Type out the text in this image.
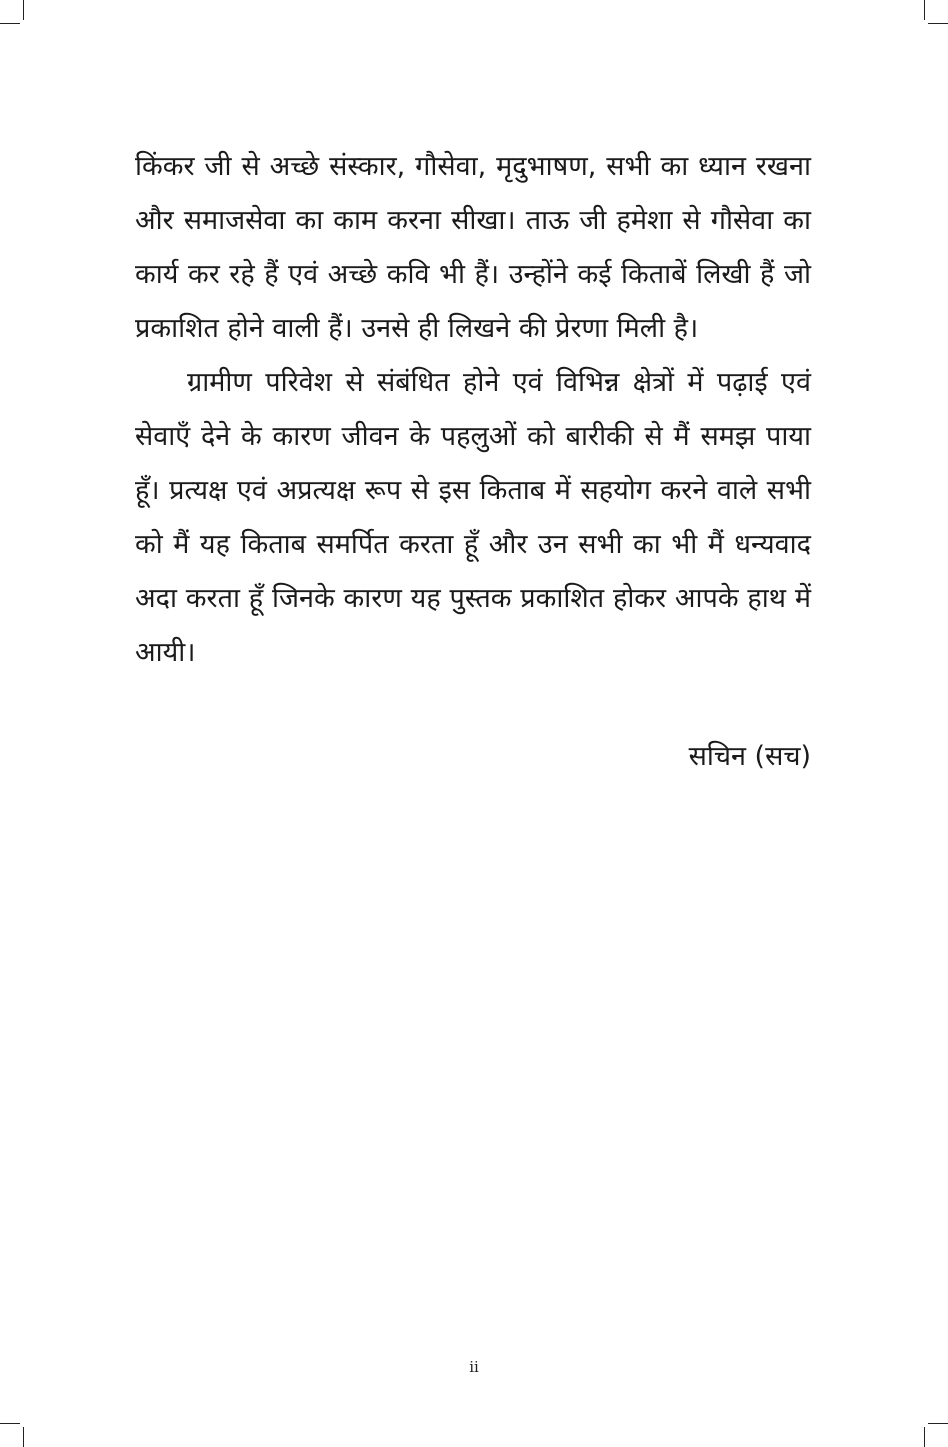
किंकर जी से अच्छे संस्कार, गौसेवा, मृदुभाषण, सभी का ध्यान रखना और समाजसेवा का काम करना सीखा। ताऊ जी हमेशा से गौसेवा का कार्य कर रहे हैं एवं अच्छे कवि भी हैं। उन्होंने कई किताबें लिखी हैं जो प्रकाशित होने वाली हैं। उनसे ही लिखने की प्रेरणा मिली है।

ग्रामीण परिवेश से संबंधित होने एवं विभिन्न क्षेत्रों में पढ़ाई एवं सेवाएँ देने के कारण जीवन के पहलुओं को बारीकी से मैं समझ पाया हूँ। प्रत्यक्ष एवं अप्रत्यक्ष रूप से इस किताब में सहयोग करने वाले सभी को मैं यह किताब समर्पित करता हूँ और उन सभी का भी मैं धन्यवाद अदा करता हूँ जिनके कारण यह पुस्तक प्रकाशित होकर आपके हाथ में आयी।

सचिन (सच)

ii
